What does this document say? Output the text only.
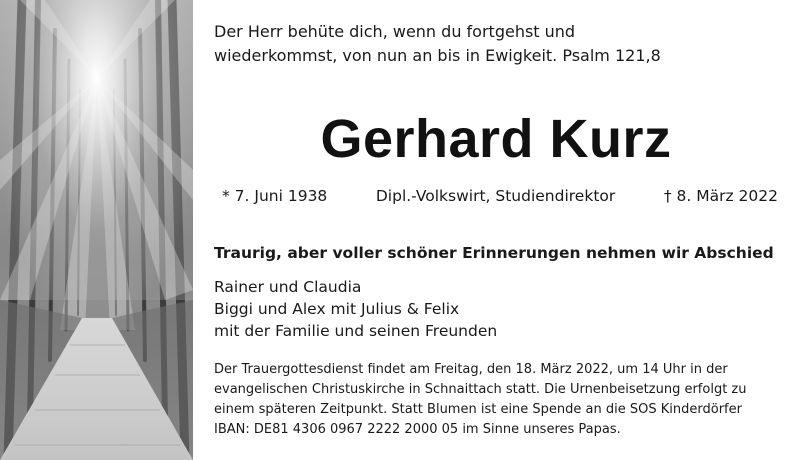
Der Herr behüte dich, wenn du fortgehst und
wiederkommst, von nun an bis in Ewigkeit. Psalm 121,8
Gerhard Kurz
* 7. Juni 1938	Dipl.-Volkswirt, Studiendirektor	† 8. März 2022
Traurig, aber voller schöner Erinnerungen nehmen wir Abschied
Rainer und Claudia
Biggi und Alex mit Julius & Felix
mit der Familie und seinen Freunden
Der Trauergottesdienst findet am Freitag, den 18. März 2022, um 14 Uhr in der
evangelischen Christuskirche in Schnaittach statt. Die Urnenbeisetzung erfolgt zu
einem späteren Zeitpunkt. Statt Blumen ist eine Spende an die SOS Kinderdörfer
IBAN: DE81 4306 0967 2222 2000 05 im Sinne unseres Papas.
